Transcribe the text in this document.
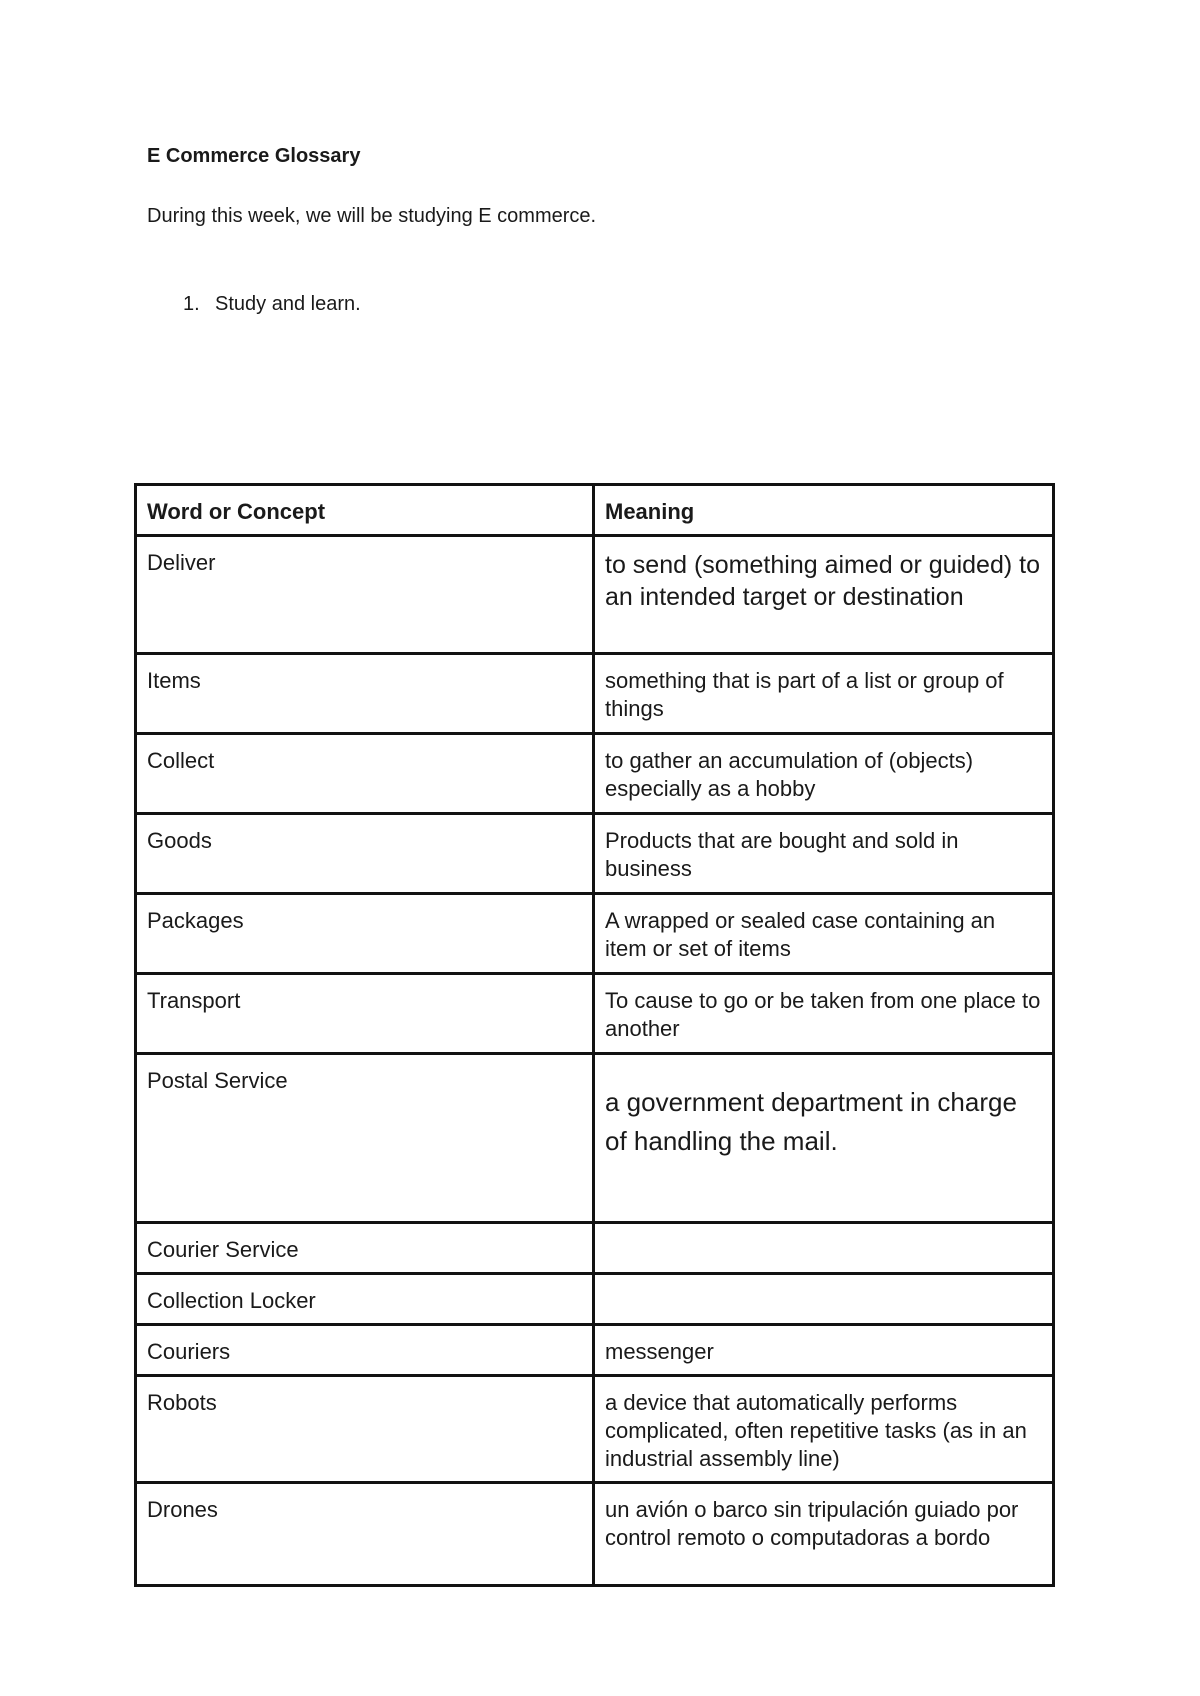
E Commerce Glossary

During this week, we will be studying E commerce.

1. Study and learn.
Word or Concept	Meaning
Deliver	to send (something aimed or guided) to an intended target or destination
Items	something that is part of a list or group of things
Collect	to gather an accumulation of (objects) especially as a hobby
Goods	Products that are bought and sold in business
Packages	A wrapped or sealed case containing an item or set of items
Transport	To cause to go or be taken from one place to another
Postal Service	a government department in charge of handling the mail.
Courier Service	
Collection Locker	
Couriers	messenger
Robots	a device that automatically performs complicated, often repetitive tasks (as in an industrial assembly line)
Drones	un avión o barco sin tripulación guiado por control remoto o computadoras a bordo
